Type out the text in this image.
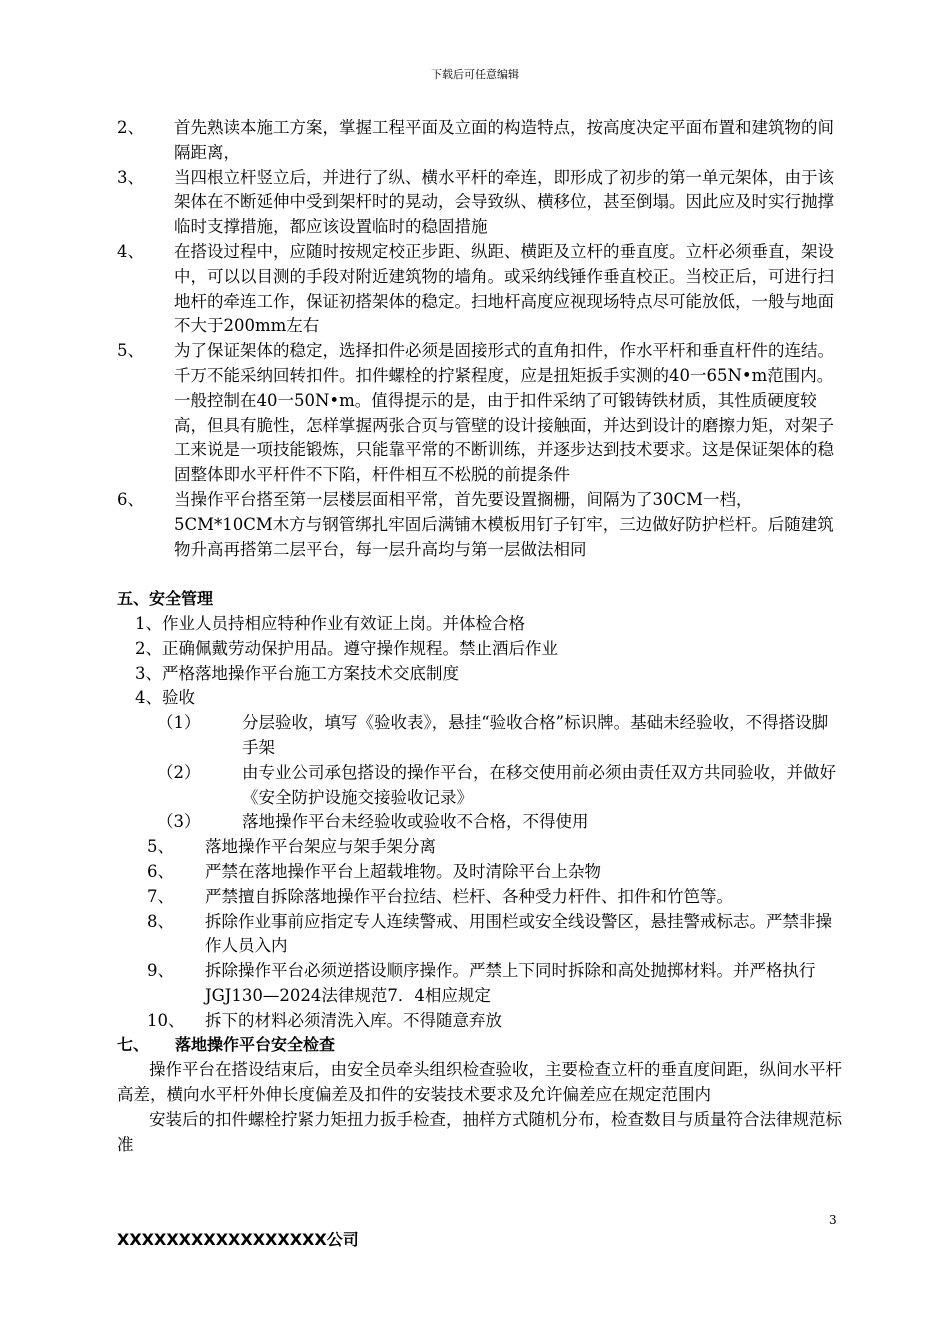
下载后可任意编辑
2、	首先熟读本施工方案，掌握工程平面及立面的构造特点，按高度决定平面布置和建筑物的间隔距离，
3、	当四根立杆竖立后，并进行了纵、横水平杆的牵连，即形成了初步的第一单元架体，由于该架体在不断延伸中受到架杆时的晃动，会导致纵、横移位，甚至倒塌。因此应及时实行抛撑临时支撑措施，都应该设置临时的稳固措施
4、	在搭设过程中，应随时按规定校正步距、纵距、横距及立杆的垂直度。立杆必须垂直，架设中，可以以目测的手段对附近建筑物的墙角。或采纳线锤作垂直校正。当校正后，可进行扫地杆的牵连工作，保证初搭架体的稳定。扫地杆高度应视现场特点尽可能放低，一般与地面不大于200mm左右
5、	为了保证架体的稳定，选择扣件必须是固接形式的直角扣件，作水平杆和垂直杆件的连结。千万不能采纳回转扣件。扣件螺栓的拧紧程度，应是扭矩扳手实测的40一65N•m范围内。一般控制在40一50N•m。值得提示的是，由于扣件采纳了可锻铸铁材质，其性质硬度较高，但具有脆性，怎样掌握两张合页与管壁的设计接触面，并达到设计的磨擦力矩，对架子工来说是一项技能锻炼，只能靠平常的不断训练，并逐步达到技术要求。这是保证架体的稳固整体即水平杆件不下陷，杆件相互不松脱的前提条件
6、	当操作平台搭至第一层楼层面相平常，首先要设置搁栅，间隔为了30CM一档，5CM*10CM木方与钢管绑扎牢固后满铺木模板用钉子钉牢，三边做好防护栏杆。后随建筑物升高再搭第二层平台，每一层升高均与第一层做法相同
五、安全管理
1、作业人员持相应特种作业有效证上岗。并体检合格
2、正确佩戴劳动保护用品。遵守操作规程。禁止酒后作业
3、严格落地操作平台施工方案技术交底制度
4、验收
（1）	分层验收，填写《验收表》，悬挂“验收合格”标识牌。基础未经验收，不得搭设脚手架
（2）	由专业公司承包搭设的操作平台，在移交使用前必须由责任双方共同验收，并做好《安全防护设施交接验收记录》
（3）	落地操作平台未经验收或验收不合格，不得使用
5、	落地操作平台架应与架手架分离
6、	严禁在落地操作平台上超载堆物。及时清除平台上杂物
7、	严禁擅自拆除落地操作平台拉结、栏杆、各种受力杆件、扣件和竹笆等。
8、	拆除作业事前应指定专人连续警戒、用围栏或安全线设警区，悬挂警戒标志。严禁非操作人员入内
9、	拆除操作平台必须逆搭设顺序操作。严禁上下同时拆除和高处抛掷材料。并严格执行JGJ130—2024法律规范7．4相应规定
10、	拆下的材料必须清洗入库。不得随意弃放
七、	落地操作平台安全检查
操作平台在搭设结束后，由安全员牵头组织检查验收，主要检查立杆的垂直度间距，纵间水平杆高差，横向水平杆外伸长度偏差及扣件的安装技术要求及允许偏差应在规定范围内
安装后的扣件螺栓拧紧力矩扭力扳手检查，抽样方式随机分布，检查数目与质量符合法律规范标准
3
XXXXXXXXXXXXXXXXX公司
